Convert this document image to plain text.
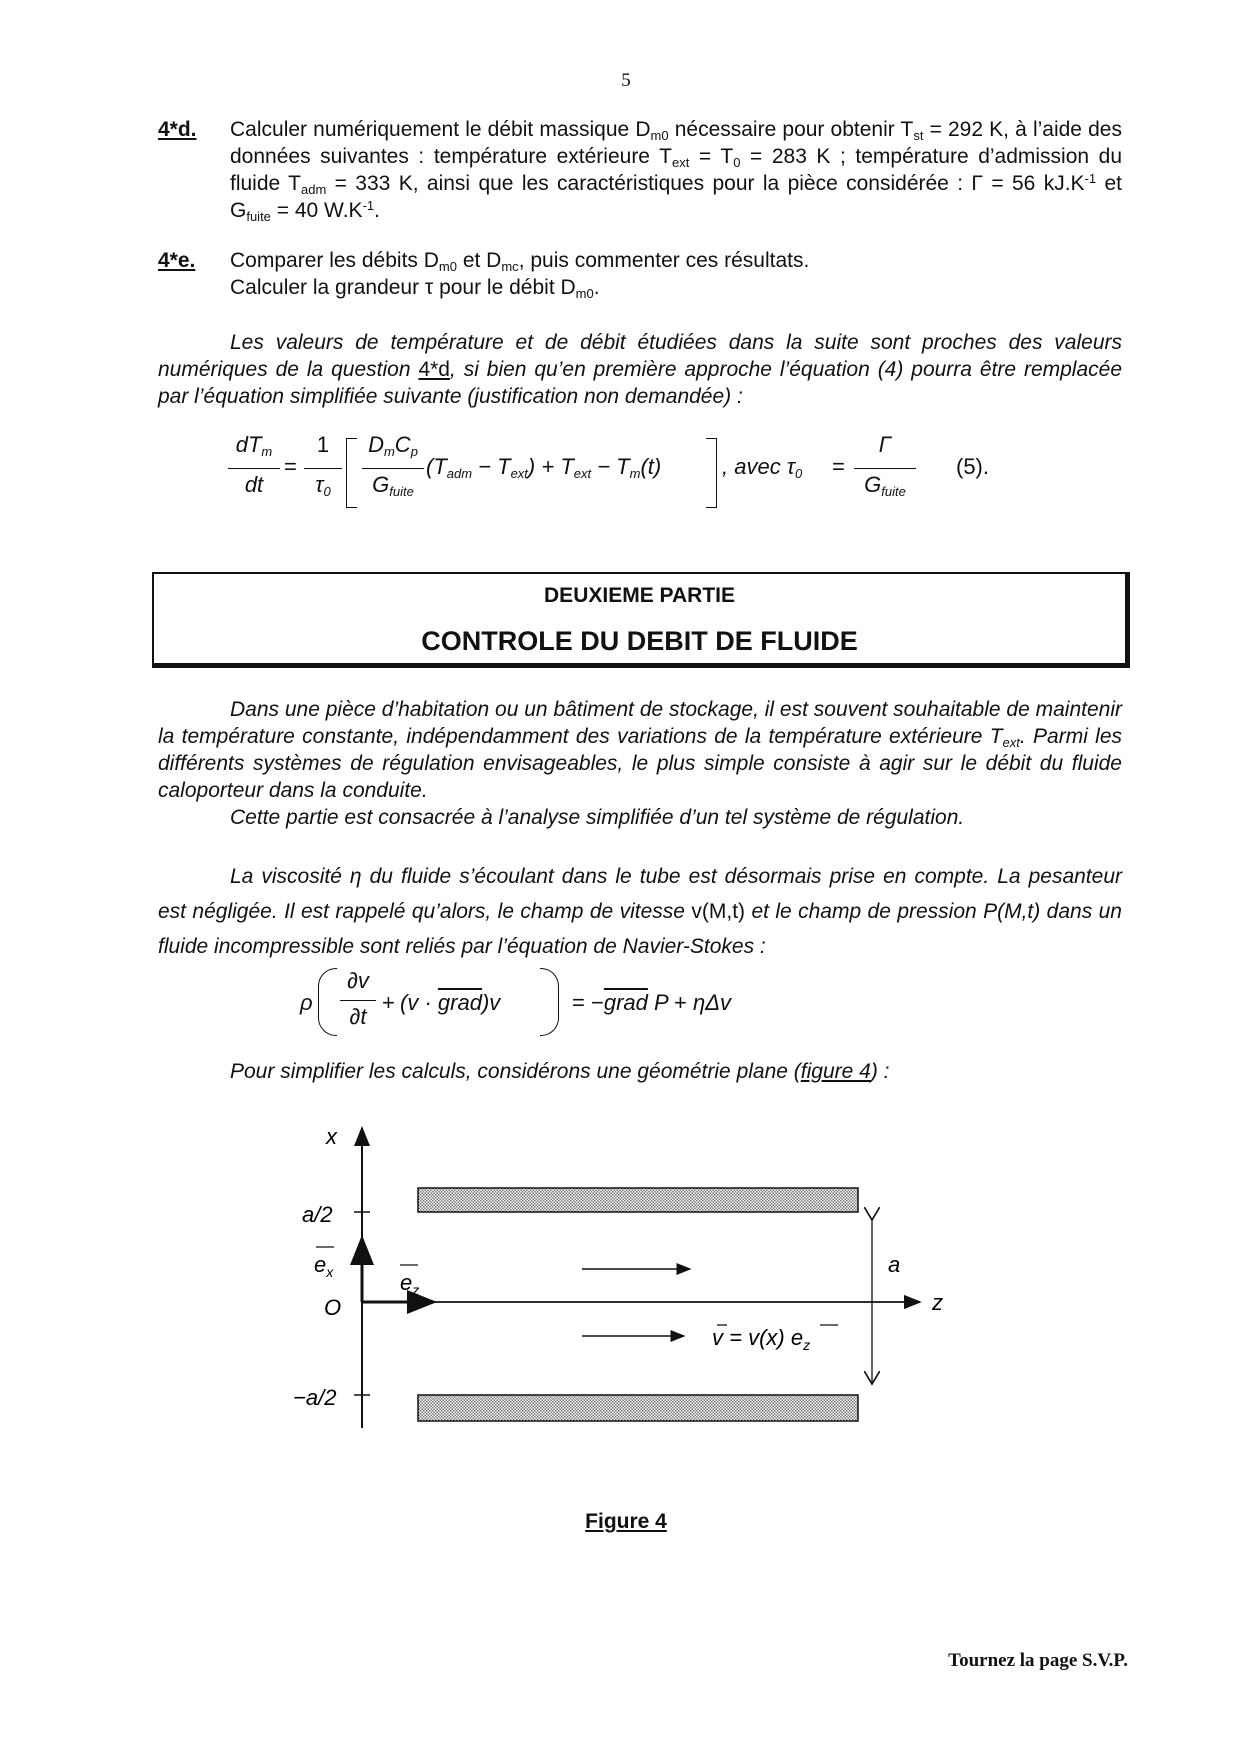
5
4*d. Calculer numériquement le débit massique $D_{m0}$ nécessaire pour obtenir $T_{st} = 292$ K, à l’aide des données suivantes : température extérieure $T_{ext} = T_0 = 283$ K ; température d’admission du fluide $T_{adm} = 333$ K, ainsi que les caractéristiques pour la pièce considérée : Γ = 56 $kJ.K^{-1}$ et $G_{fuite} = 40$ $W.K^{-1}$.
4*e. Comparer les débits $D_{m0}$ et $D_{mc}$, puis commenter ces résultats.
Calculer la grandeur τ pour le débit $D_{m0}$.
Les valeurs de température et de débit étudiées dans la suite sont proches des valeurs numériques de la question 4*d, si bien qu’en première approche l’équation (4) pourra être remplacée par l’équation simplifiée suivante (justification non demandée) :
$dT_m$
dt
=
1
$\tau_0$
$D_mC_p$
$G_{fuite}$
$(T_{adm} - T_{ext}) + T_{ext} - T_m(t)$	, avec $\tau_0$ =
Γ
$G_{fuite}$
(5).
DEUXIEME PARTIE
CONTROLE DU DEBIT DE FLUIDE
Dans une pièce d’habitation ou un bâtiment de stockage, il est souvent souhaitable de maintenir la température constante, indépendamment des variations de la température extérieure $T_{ext}$. Parmi les différents systèmes de régulation envisageables, le plus simple consiste à agir sur le débit du fluide caloporteur dans la conduite.
Cette partie est consacrée à l’analyse simplifiée d’un tel système de régulation.
La viscosité η du fluide s’écoulant dans le tube est désormais prise en compte. La pesanteur est négligée. Il est rappelé qu’alors, le champ de vitesse v(M,t) et le champ de pression P(M,t) dans un fluide incompressible sont reliés par l’équation de Navier-Stokes :
ρ
∂v
∂t
+ (v · grad)v	= −grad P + ηΔv
Pour simplifier les calculs, considérons une géométrie plane (figure 4) :
x
a/2
$e_x$
O
$e_z$
−a/2
z
a
v = v(x) $e_z$
Figure 4
Tournez la page S.V.P.
